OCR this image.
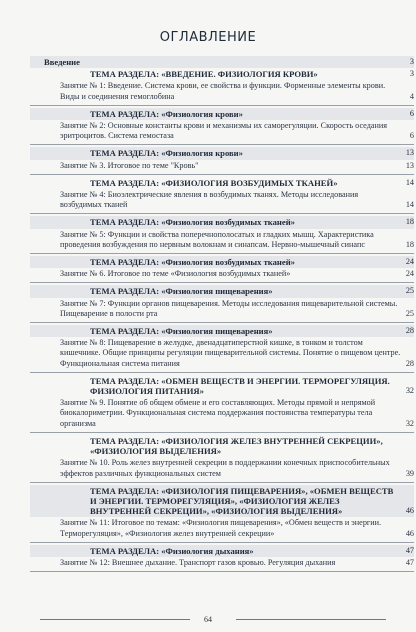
ОГЛАВЛЕНИЕ
Введение	3
ТЕМА РАЗДЕЛА: «ВВЕДЕНИЕ. ФИЗИОЛОГИЯ КРОВИ»	3
Занятие № 1: Введение. Система крови, ее свойства и функции. Форменные элементы крови. Виды и соединения гемоглобина	4
ТЕМА РАЗДЕЛА: «Физиология крови»	6
Занятие № 2: Основные константы крови и механизмы их саморегуляции. Скорость оседания эритроцитов. Система гемостаза	6
ТЕМА РАЗДЕЛА: «Физиология крови»	13
Занятие № 3. Итоговое по теме "Кровь"	13
ТЕМА РАЗДЕЛА: «ФИЗИОЛОГИЯ ВОЗБУДИМЫХ ТКАНЕЙ»	14
Занятие № 4: Биоэлектрические явления в возбудимых тканях. Методы исследования возбудимых тканей	14
ТЕМА РАЗДЕЛА: «Физиология возбудимых тканей»	18
Занятие № 5: Функции и свойства поперечнополосатых и гладких мышц. Характеристика проведения возбуждения по нервным волокнам и синапсам. Нервно-мышечный синапс	18
ТЕМА РАЗДЕЛА: «Физиология возбудимых тканей»	24
Занятие № 6. Итоговое по теме «Физиология возбудимых тканей»	24
ТЕМА РАЗДЕЛА: «Физиология пищеварения»	25
Занятие № 7: Функции органов пищеварения. Методы исследования пищеварительной системы. Пищеварение в полости рта	25
ТЕМА РАЗДЕЛА: «Физиология пищеварения»	28
Занятие № 8: Пищеварение в желудке, двенадцатиперстной кишке, в тонком и толстом кишечнике. Общие принципы регуляции пищеварительной системы. Понятие о пищевом центре. Функциональная система питания	28
ТЕМА РАЗДЕЛА: «ОБМЕН ВЕЩЕСТВ И ЭНЕРГИИ. ТЕРМОРЕГУЛЯЦИЯ. ФИЗИОЛОГИЯ ПИТАНИЯ»	32
Занятие № 9. Понятие об общем обмене и его составляющих. Методы прямой и непрямой биокалориметрии. Функциональная система поддержания постоянства температуры тела организма	32
ТЕМА РАЗДЕЛА: «ФИЗИОЛОГИЯ ЖЕЛЕЗ ВНУТРЕННЕЙ СЕКРЕЦИИ», «ФИЗИОЛОГИЯ ВЫДЕЛЕНИЯ»
Занятие № 10. Роль желез внутренней секреции в поддержании конечных приспособительных эффектов различных функциональных систем	39
ТЕМА РАЗДЕЛА: «ФИЗИОЛОГИЯ ПИЩЕВАРЕНИЯ», «ОБМЕН ВЕЩЕСТВ И ЭНЕРГИИ. ТЕРМОРЕГУЛЯЦИЯ», «ФИЗИОЛОГИЯ ЖЕЛЕЗ ВНУТРЕННЕЙ СЕКРЕЦИИ», «ФИЗИОЛОГИЯ ВЫДЕЛЕНИЯ»	46
Занятие № 11: Итоговое по темам: «Физиология пищеварения», «Обмен веществ и энергии. Терморегуляция», «Физиология желез внутренней секреции»	46
ТЕМА РАЗДЕЛА: «Физиология дыхания»	47
Занятие № 12: Внешнее дыхание. Транспорт газов кровью. Регуляция дыхания	47
64
